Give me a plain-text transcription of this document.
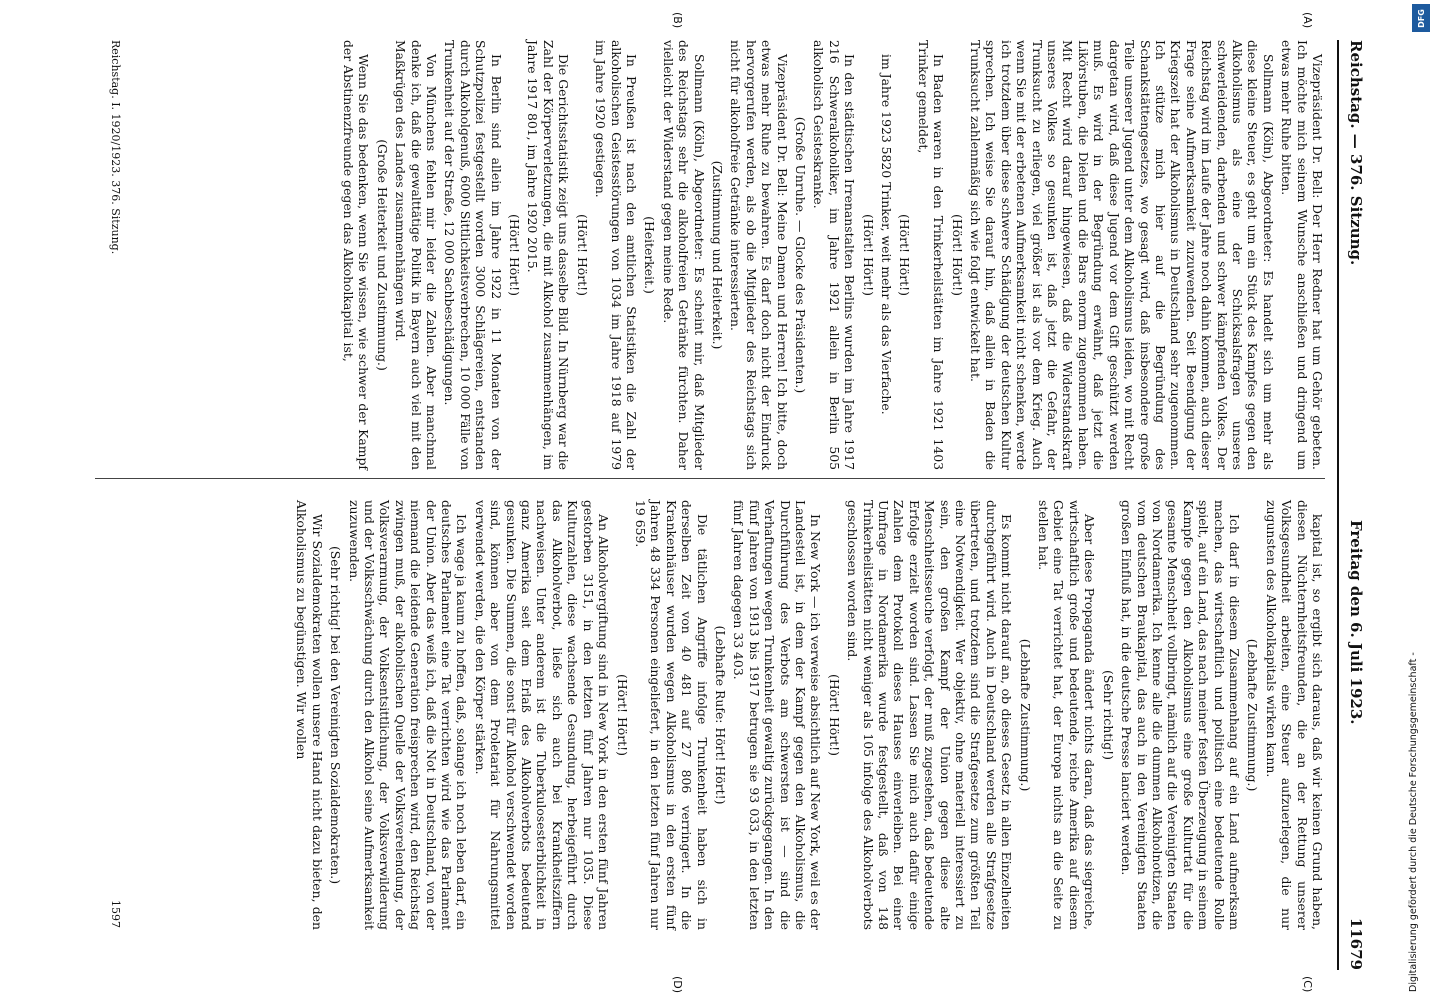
DFG
Digitalisierung gefördert durch die Deutsche Forschungsgemeinschaft -
Reichstag. — 376. Sitzung.
Freitag den 6. Juli 1923.
11679
(A)
(B)
(C)
(D)

Vizepräsident Dr. Bell: Der Herr Redner hat um Gehör gebeten. Ich möchte mich seinem Wunsche anschließen und dringend um etwas mehr Ruhe bitten.

Sollmann (Köln), Abgeordneter: Es handelt sich um mehr als diese kleine Steuer, es geht um ein Stück des Kampfes gegen den Alkoholismus als eine der Schicksalsfragen unseres schwerleidenden, darbenden und schwer kämpfenden Volkes. Der Reichstag wird im Laufe der Jahre noch dahin kommen, auch dieser Frage seine Aufmerksamkeit zuzuwenden. Seit Beendigung der Kriegszeit hat der Alkoholismus in Deutschland sehr zugenommen. Ich stütze mich hier auf die Begründung des Schankstättengesetzes, wo gesagt wird, daß insbesondere große Teile unserer Jugend unter dem Alkoholismus leiden, wo mit Recht dargetan wird, daß diese Jugend vor dem Gift geschützt werden muß. Es wird in der Begründung erwähnt, daß jetzt die Likörstuben, die Dielen und die Bars enorm zugenommen haben. Mit Recht wird darauf hingewiesen, daß die Widerstandskraft unseres Volkes so gesunken ist, daß jetzt die Gefahr, der Trunksucht zu erliegen, viel größer ist als vor dem Krieg. Auch wenn Sie mit der erbetenen Aufmerksamkeit nicht schenken, werde ich trotzdem über diese schwere Schädigung der deutschen Kultur sprechen. Ich weise Sie darauf hin, daß allein in Baden die Trunksucht zahlenmäßig sich wie folgt entwickelt hat.

(Hört! Hört!)

In Baden waren in den Trinkerheilstätten im Jahre 1921 1403 Trinker gemeldet,

(Hört! Hört!)

im Jahre 1923 5820 Trinker, weit mehr als das Vierfache.

(Hört! Hört!)

In den städtischen Irrenanstalten Berlins wurden im Jahre 1917 216 Schweralkoholiker, im Jahre 1921 allein in Berlin 505 alkoholisch Geisteskranke.

(Große Unruhe. — Glocke des Präsidenten.)

Vizepräsident Dr. Bell: Meine Damen und Herren! Ich bitte, doch etwas mehr Ruhe zu bewahren. Es darf doch nicht der Eindruck hervorgerufen werden, als ob die Mitglieder des Reichstags sich nicht für alkoholfreie Getränke interessierten.

(Zustimmung und Heiterkeit.)

Sollmann (Köln), Abgeordneter: Es scheint mir, daß Mitglieder des Reichstags sehr die alkoholfreien Getränke fürchten. Daher vielleicht der Widerstand gegen meine Rede.

(Heiterkeit.)

In Preußen ist nach den amtlichen Statistiken die Zahl der alkoholischen Geistesstörungen von 1034 im Jahre 1918 auf 1979 im Jahre 1920 gestiegen.

(Hört! Hört!)

Die Gerichtsstatistik zeigt uns dasselbe Bild. In Nürnberg war die Zahl der Körperverletzungen, die mit Alkohol zusammenhängen, im Jahre 1917 801, im Jahre 1920 2015.

(Hört! Hört!)

In Berlin sind allein im Jahre 1922 in 11 Monaten von der Schutzpolizei festgestellt worden 3000 Schlägereien, entstanden durch Alkoholgenuß, 6000 Sittlichkeitsverbrechen, 10 000 Fälle von Trunkenheit auf der Straße, 12 000 Sachbeschädigungen.

Von Münchens fehlen mir leider die Zahlen. Aber manchmal denke ich, daß die gewalttätige Politik in Bayern auch viel mit den Maßkrügen des Landes zusammenhängen wird.

(Große Heiterkeit und Zustimmung.)

Wenn Sie das bedenken, wenn Sie wissen, wie schwer der Kampf der Abstinenzfreunde gegen das Alkoholkapital ist,

kapital ist, so ergibt sich daraus, daß wir keinen Grund haben, diesen Nüchternheitsfreunden, die an der Rettung unserer Volksgesundheit arbeiten, eine Steuer aufzuerlegen, die nur zugunsten des Alkoholkapitals wirken kann.

(Lebhafte Zustimmung.)

Ich darf in diesem Zusammenhang auf ein Land aufmerksam machen, das wirtschaftlich und politisch eine bedeutende Rolle spielt, auf ein Land, das nach meiner festen Überzeugung in seinem Kampfe gegen den Alkoholismus eine große Kulturtat für die gesamte Menschheit vollbringt, nämlich auf die Vereinigten Staaten von Nordamerika. Ich kenne alle die dummen Alkoholnotizen, die vom deutschen Braukapital, das auch in den Vereinigten Staaten großen Einfluß hat, in die deutsche Presse lanciert werden.

(Sehr richtig!)

Aber diese Propaganda ändert nichts daran, daß das siegreiche, wirtschaftlich große und bedeutende, reiche Amerika auf diesem Gebiet eine Tat verrichtet hat, der Europa nichts an die Seite zu stellen hat.

(Lebhafte Zustimmung.)

Es kommt nicht darauf an, ob dieses Gesetz in allen Einzelheiten durchgeführt wird. Auch in Deutschland werden alle Strafgesetze übertreten, und trotzdem sind die Strafgesetze zum größten Teil eine Notwendigkeit. Wer objektiv, ohne materiell interessiert zu sein, den großen Kampf der Union gegen diese alte Menschheitsseuche verfolgt, der muß zugestehen, daß bedeutende Erfolge erzielt worden sind. Lassen Sie mich auch dafür einige Zahlen dem Protokoll dieses Hauses einverleiben. Bei einer Umfrage in Nordamerika wurde festgestellt, daß von 148 Trinkerheilstätten nicht weniger als 105 infolge des Alkoholverbots geschlossen worden sind.

(Hört! Hört!)

In New York — ich verweise absichtlich auf New York, weil es der Landesteil ist, in dem der Kampf gegen den Alkoholismus, die Durchführung des Verbots am schwersten ist — sind die Verhaftungen wegen Trunkenheit gewaltig zurückgegangen. In den fünf Jahren von 1913 bis 1917 betrugen sie 93 033, in den letzten fünf Jahren dagegen 33 403.

(Lebhafte Rufe: Hört! Hört!)

Die tätlichen Angriffe infolge Trunkenheit haben sich in derselben Zeit von 40 481 auf 27 806 verringert. In die Krankenhäuser wurden wegen Alkoholismus in den ersten fünf Jahren 48 334 Personen eingeliefert, in den letzten fünf Jahren nur 19 659.

(Hört! Hört!)

An Alkoholvergiftung sind in New York in den ersten fünf Jahren gestorben 3151, in den letzten fünf Jahren nur 1035. Diese Kulturzahlen, diese wachsende Gesundung, herbeigeführt durch das Alkoholverbot, ließe sich auch bei Krankheitsziffern nachweisen. Unter anderem ist die Tuberkulosesterblichkeit in ganz Amerika seit dem Erlaß des Alkoholverbots bedeutend gesunken. Die Summen, die sonst für Alkohol verschwendet worden sind, können aber von dem Proletariat für Nahrungsmittel verwendet werden, die den Körper stärken.

Ich wage ja kaum zu hoffen, daß, solange ich noch leben darf, ein deutsches Parlament eine Tat verrichten wird wie das Parlament der Union. Aber das weiß ich, daß die Not in Deutschland, von der niemand die leidende Generation freisprechen wird, den Reichstag zwingen muß, der alkoholischen Quelle der Volksverelendung, der Volksverarmung, der Volksentsittlichung, der Volksverwilderung und der Volksschwächung durch den Alkohol seine Aufmerksamkeit zuzuwenden.

(Sehr richtig! bei den Vereinigten Sozialdemokraten.)

Wir Sozialdemokraten wollen unsere Hand nicht dazu bieten, den Alkoholismus zu begünstigen. Wir wollen

Reichstag. I. 1920/1923. 376. Sitzung.
1597
